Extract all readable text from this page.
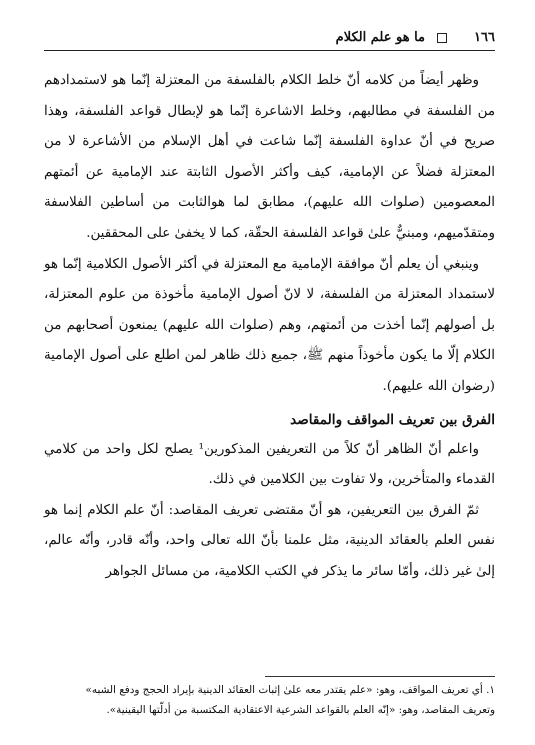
١٦٦
ما هو علم الكلام

وظهر أيضاً من كلامه أنّ خلط الكلام بالفلسفة من المعتزلة إنّما هو لاستمدادهم من الفلسفة في مطالبهم، وخلط الاشاعرة إنّما هو لإبطال قواعد الفلسفة، وهذا صريح في أنّ عداوة الفلسفة إنّما شاعت في أهل الإسلام من الأشاعرة لا من المعتزلة فضلاً عن الإمامية، كيف وأكثر الأصول الثابتة عند الإمامية عن أئمتهم المعصومين (صلوات الله عليهم)، مطابق لما هوالثابت من أساطين الفلاسفة ومتقدّميهم، ومبنيٌّ علىٰ قواعد الفلسفة الحقّة، كما لا يخفىٰ على المحققين.

وينبغي أن يعلم أنّ موافقة الإمامية مع المعتزلة في أكثر الأصول الكلامية إنّما هو لاستمداد المعتزلة من الفلسفة، لا لانّ أصول الإمامية مأخوذة من علوم المعتزلة، بل أصولهم إنّما أخذت من أئمتهم، وهم (صلوات الله عليهم) يمنعون أصحابهم من الكلام إلّا ما يكون مأخوذاً منهم ﷺ، جميع ذلك ظاهر لمن اطلع على أصول الإمامية (رضوان الله عليهم).

الفرق بين تعريف المواقف والمقاصد

واعلم أنّ الظاهر أنّ كلاً من التعريفين المذكورين¹ يصلح لكل واحد من كلامي القدماء والمتأخرين، ولا تفاوت بين الكلامين في ذلك.

ثمّ الفرق بين التعريفين، هو أنّ مقتضى تعريف المقاصد: أنّ علم الكلام إنما هو نفس العلم بالعقائد الدينية، مثل علمنا بأنّ الله تعالى واحد، وأنّه قادر، وأنّه عالم، إلىٰ غير ذلك، وأمّا سائر ما يذكر في الكتب الكلامية، من مسائل الجواهر

١. أي تعريف المواقف، وهو: «علم يقتدر معه علىٰ إثبات العقائد الدينية بإيراد الحجج ودفع الشبه»
وتعريف المقاصد، وهو: «إنّه العلم بالقواعد الشرعية الاعتقادية المكتسبة من أدلّتها اليقينية».
